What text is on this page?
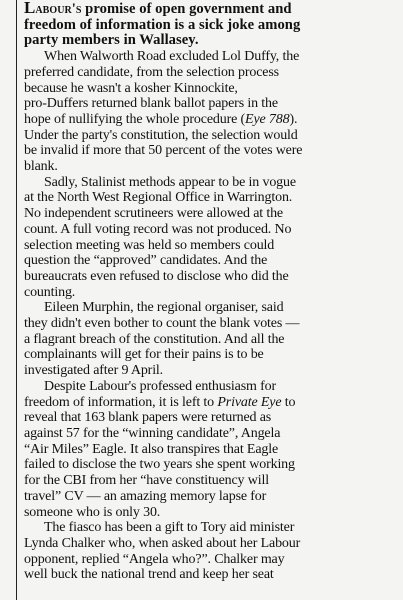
Labour's promise of open government and
freedom of information is a sick joke among
party members in Wallasey.
When Walworth Road excluded Lol Duffy, the
preferred candidate, from the selection process
because he wasn't a kosher Kinnockite,
pro-Duffers returned blank ballot papers in the
hope of nullifying the whole procedure (Eye 788).
Under the party's constitution, the selection would
be invalid if more that 50 percent of the votes were
blank.
Sadly, Stalinist methods appear to be in vogue
at the North West Regional Office in Warrington.
No independent scrutineers were allowed at the
count. A full voting record was not produced. No
selection meeting was held so members could
question the “approved” candidates. And the
bureaucrats even refused to disclose who did the
counting.
Eileen Murphin, the regional organiser, said
they didn't even bother to count the blank votes —
a flagrant breach of the constitution. And all the
complainants will get for their pains is to be
investigated after 9 April.
Despite Labour's professed enthusiasm for
freedom of information, it is left to Private Eye to
reveal that 163 blank papers were returned as
against 57 for the “winning candidate”, Angela
“Air Miles” Eagle. It also transpires that Eagle
failed to disclose the two years she spent working
for the CBI from her “have constituency will
travel” CV — an amazing memory lapse for
someone who is only 30.
The fiasco has been a gift to Tory aid minister
Lynda Chalker who, when asked about her Labour
opponent, replied “Angela who?”. Chalker may
well buck the national trend and keep her seat
